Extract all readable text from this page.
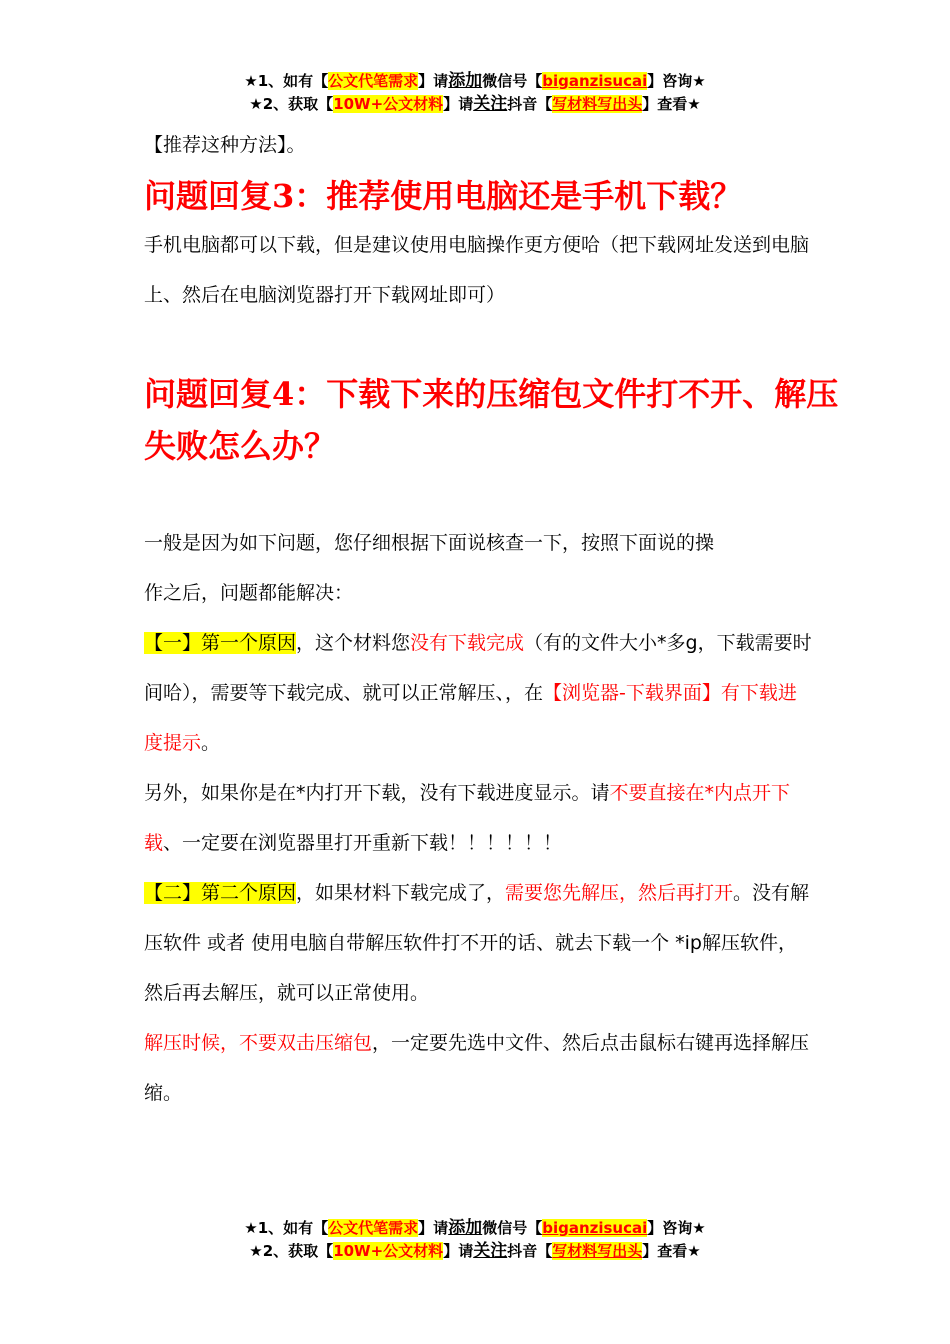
★1、如有【公文代笔需求】请添加微信号【biganzisucai】咨询★
★2、获取【10W+公文材料】请关注抖音【写材料写出头】查看★

【推荐这种方法】。

问题回复3：推荐使用电脑还是手机下载？

手机电脑都可以下载，但是建议使用电脑操作更方便哈（把下载网址发送到电脑上、然后在电脑浏览器打开下载网址即可）

问题回复4：下载下来的压缩包文件打不开、解压失败怎么办？

一般是因为如下问题，您仔细根据下面说核查一下，按照下面说的操

作之后，问题都能解决：

【一】第一个原因，这个材料您没有下载完成（有的文件大小*多g，下载需要时间哈），需要等下载完成、就可以正常解压、，在【浏览器-下载界面】有下载进度提示。

另外，如果你是在*内打开下载，没有下载进度显示。请不要直接在*内点开下载、一定要在浏览器里打开重新下载！！！！！！

【二】第二个原因，如果材料下载完成了，需要您先解压，然后再打开。没有解压软件 或者 使用电脑自带解压软件打不开的话、就去下载一个 *ip解压软件，然后再去解压，就可以正常使用。

解压时候，不要双击压缩包，一定要先选中文件、然后点击鼠标右键再选择解压缩。

★1、如有【公文代笔需求】请添加微信号【biganzisucai】咨询★
★2、获取【10W+公文材料】请关注抖音【写材料写出头】查看★
